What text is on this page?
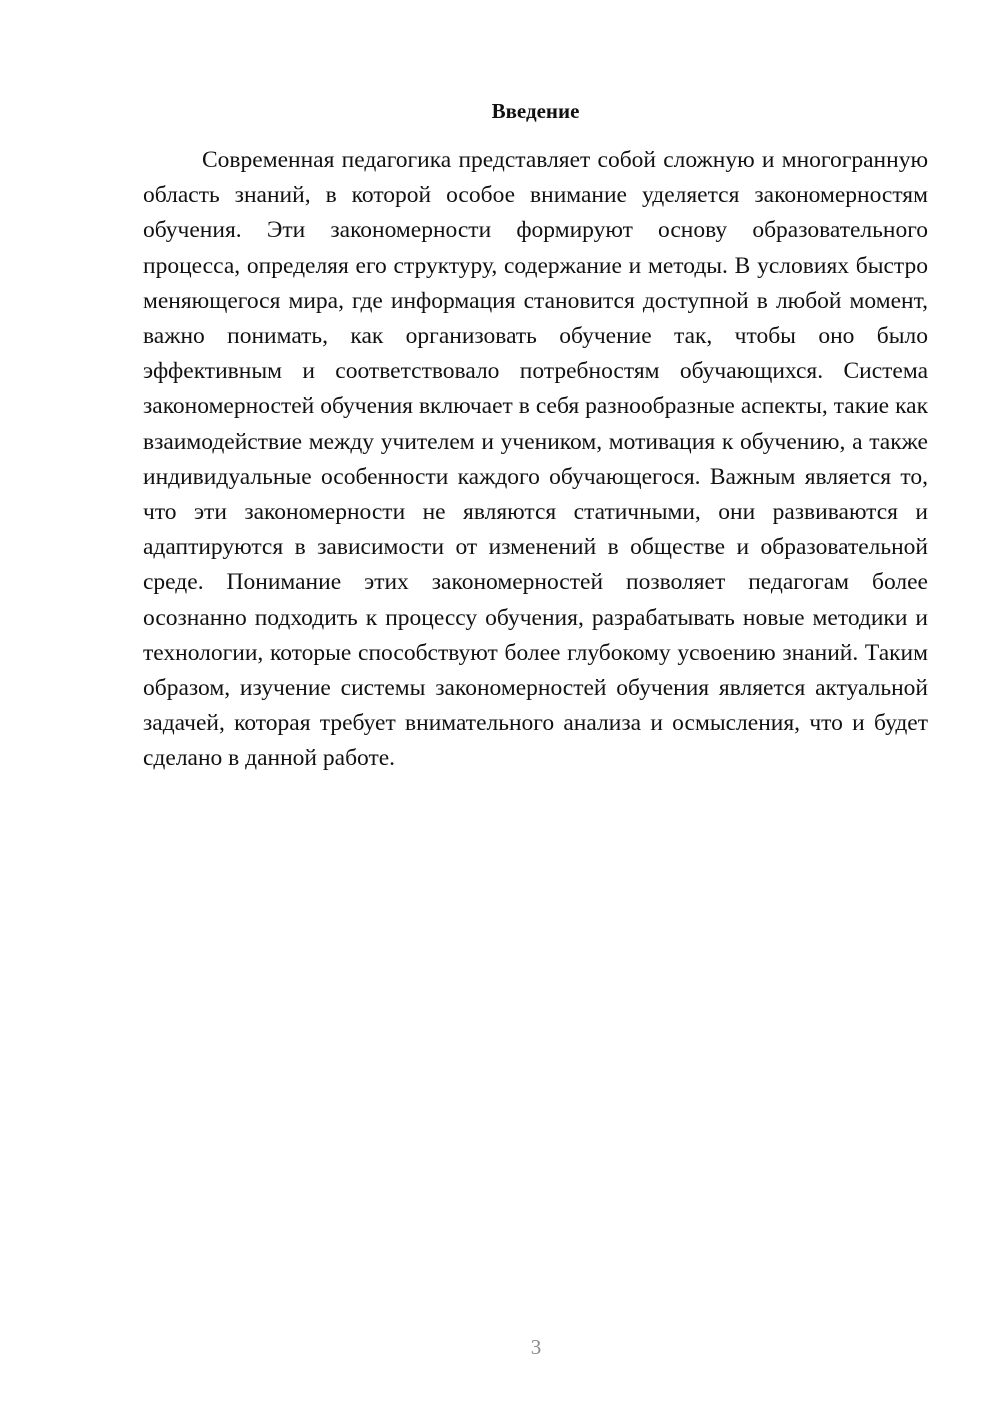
Введение

Современная педагогика представляет собой сложную и многогранную область знаний, в которой особое внимание уделяется закономерностям обучения. Эти закономерности формируют основу образовательного процесса, определяя его структуру, содержание и методы. В условиях быстро меняющегося мира, где информация становится доступной в любой момент, важно понимать, как организовать обучение так, чтобы оно было эффективным и соответствовало потребностям обучающихся. Система закономерностей обучения включает в себя разнообразные аспекты, такие как взаимодействие между учителем и учеником, мотивация к обучению, а также индивидуальные особенности каждого обучающегося. Важным является то, что эти закономерности не являются статичными, они развиваются и адаптируются в зависимости от изменений в обществе и образовательной среде. Понимание этих закономерностей позволяет педагогам более осознанно подходить к процессу обучения, разрабатывать новые методики и технологии, которые способствуют более глубокому усвоению знаний. Таким образом, изучение системы закономерностей обучения является актуальной задачей, которая требует внимательного анализа и осмысления, что и будет сделано в данной работе.

3
